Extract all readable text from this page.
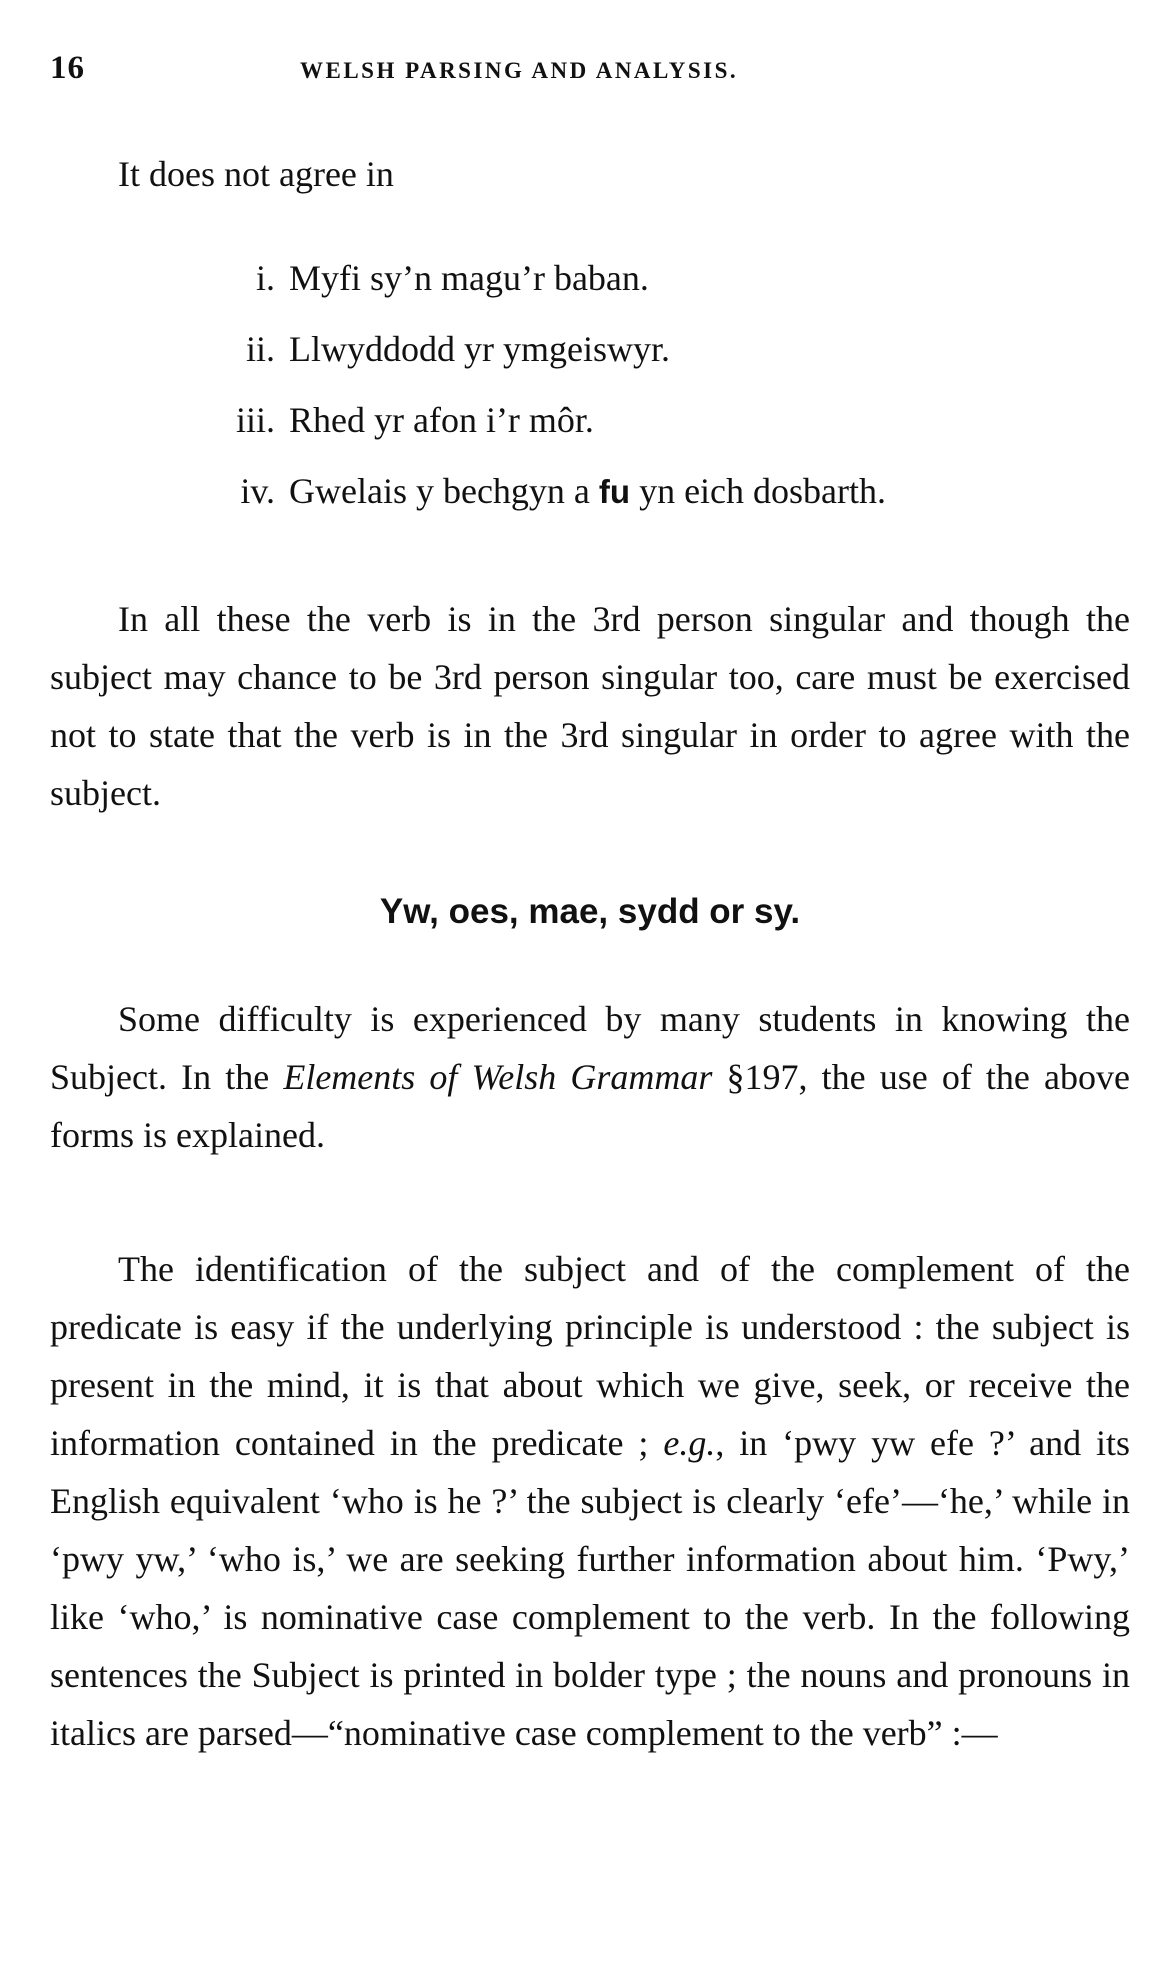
16	WELSH PARSING AND ANALYSIS.
It does not agree in
i. Myfi sy’n magu’r baban.
ii. Llwyddodd yr ymgeiswyr.
iii. Rhed yr afon i’r môr.
iv. Gwelais y bechgyn a fu yn eich dosbarth.
In all these the verb is in the 3rd person singular and though the subject may chance to be 3rd person singular too, care must be exercised not to state that the verb is in the 3rd singular in order to agree with the subject.
Yw, oes, mae, sydd or sy.
Some difficulty is experienced by many students in knowing the Subject. In the Elements of Welsh Grammar §197, the use of the above forms is explained.
The identification of the subject and of the complement of the predicate is easy if the underlying principle is understood : the subject is present in the mind, it is that about which we give, seek, or receive the information contained in the predicate ; e.g., in ‘pwy yw efe ?’ and its English equivalent ‘who is he ?’ the subject is clearly ‘efe’—‘he,’ while in ‘pwy yw,’ ‘who is,’ we are seeking further information about him. ‘Pwy,’ like ‘who,’ is nominative case complement to the verb. In the following sentences the Subject is printed in bolder type ; the nouns and pronouns in italics are parsed—“nominative case complement to the verb” :—
